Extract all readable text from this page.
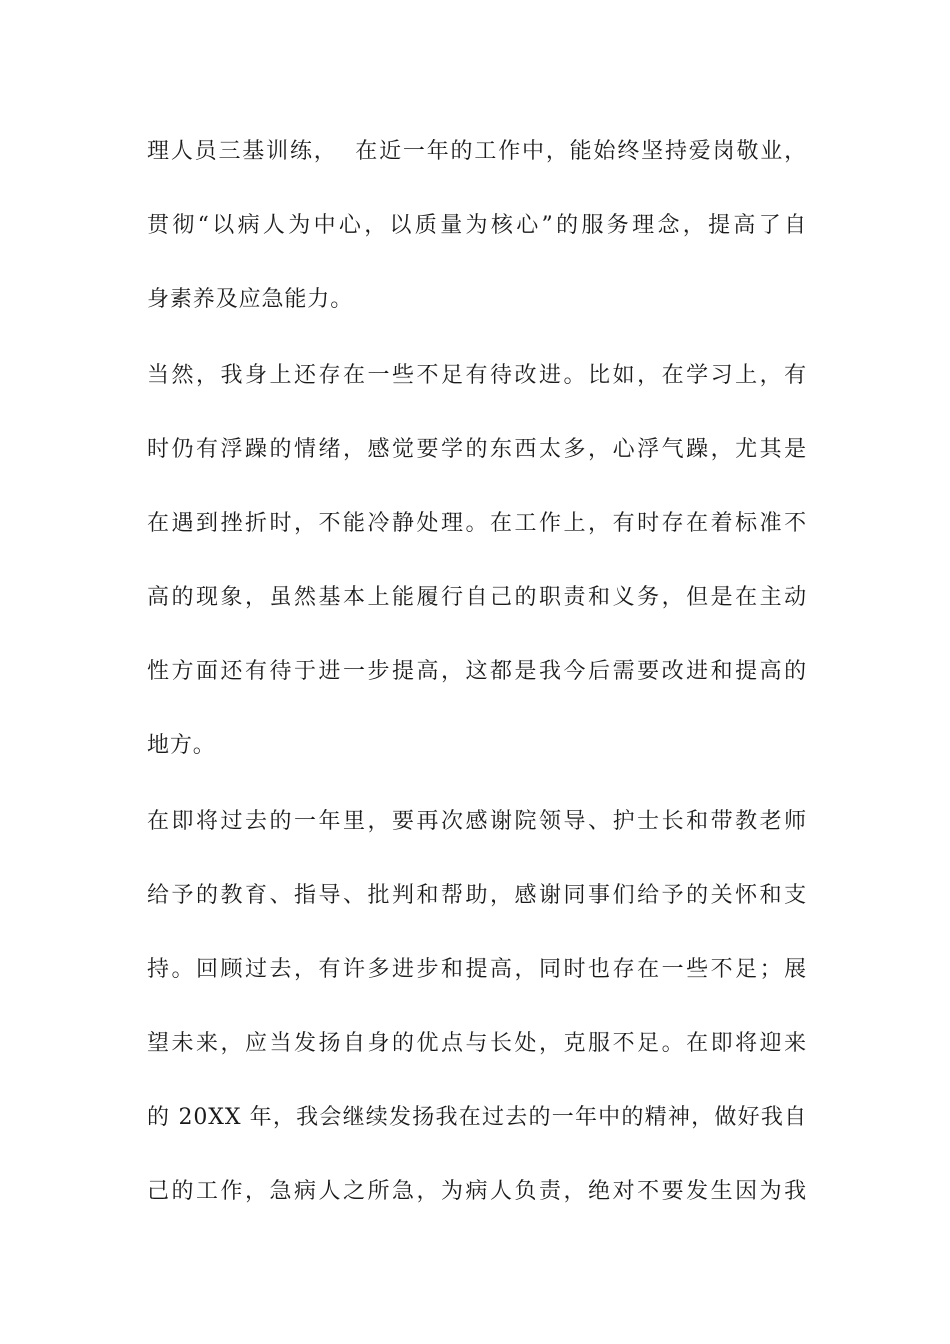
理人员三基训练，  在近一年的工作中，能始终坚持爱岗敬业，
贯彻“以病人为中心，以质量为核心”的服务理念，提高了自
身素养及应急能力。
当然，我身上还存在一些不足有待改进。比如，在学习上，有
时仍有浮躁的情绪，感觉要学的东西太多，心浮气躁，尤其是
在遇到挫折时，不能冷静处理。在工作上，有时存在着标准不
高的现象，虽然基本上能履行自己的职责和义务，但是在主动
性方面还有待于进一步提高，这都是我今后需要改进和提高的
地方。
在即将过去的一年里，要再次感谢院领导、护士长和带教老师
给予的教育、指导、批判和帮助，感谢同事们给予的关怀和支
持。回顾过去，有许多进步和提高，同时也存在一些不足；展
望未来，应当发扬自身的优点与长处，克服不足。在即将迎来
的 20XX 年，我会继续发扬我在过去的一年中的精神，做好我自
己的工作，急病人之所急，为病人负责，绝对不要发生因为我
